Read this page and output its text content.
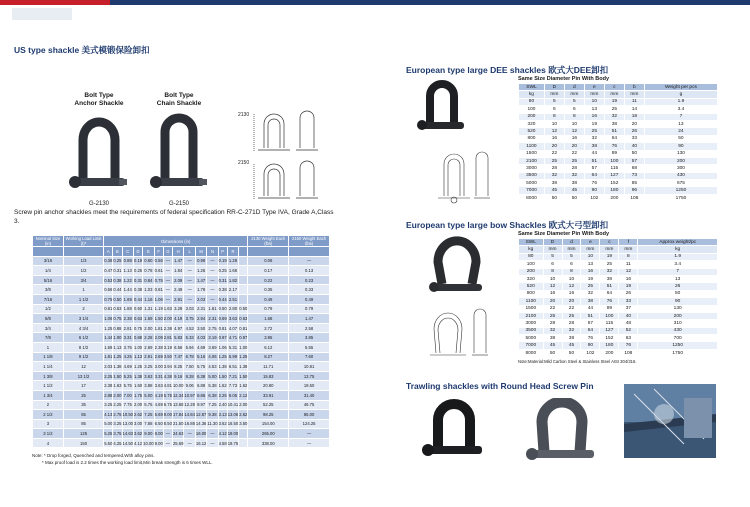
US type shackle 美式模锻保险卸扣
Bolt Type
Anchor Shackle
G-2130
Bolt Type
Chain Shackle
G-2150
2130
2150
Screw pin anchor shackles meet the requirements of federal specification RR-C-271D Type IVA, Grade A,Class 3.
Nominal Size (in)	Working Load Limit (t)*	Dimensions (in)														2130 Weight Each (lbs)	2150 Weight Each (lbs)
		A	B	C	D	E	F	G	H	L	M	N	P	R			
3/16	1/3	0.38	0.25	0.88	0.19	0.60	0.56	—	1.47	—	0.98	—	0.19	1.29		0.06	—
1/4	1/2	0.47	0.31	1.13	0.25	0.78	0.61	—	1.84	—	1.26	—	0.25	1.66		0.17	0.13
5/16	3/4	0.53	0.38	1.22	0.31	0.84	0.75	—	2.09	—	1.47	—	0.31	1.82		0.22	0.23
3/8	1	0.66	0.44	1.44	0.38	1.03	0.81	—	2.49	—	1.78	—	0.38	2.17		0.35	0.33
7/16	1 1/2	0.75	0.50	1.69	0.44	1.16	1.06	—	2.91	—	2.03	—	0.44	2.51		0.49	0.49
1/2	2	0.81	0.63	1.88	0.50	1.31	1.19	1.63	3.28	3.03	2.31	1.81	0.50	2.80	0.50	0.79	0.79
5/8	3 1/4	1.06	0.75	2.38	0.63	1.69	1.50	2.00	4.19	3.75	2.94	2.31	0.69	3.63	0.63	1.68	1.47
3/4	4 3/4	1.25	0.88	2.81	0.75	2.00	1.81	2.38	4.97	4.53	3.50	2.75	0.81	4.07	0.81	2.72	2.58
7/8	6 1/2	1.44	1.00	3.31	0.88	2.28	2.09	2.81	5.83	5.33	4.03	3.19	0.97	4.71	0.97	3.95	3.85
1	8 1/2	1.69	1.13	3.75	1.00	2.69	2.38	3.19	6.56	5.94	4.69	3.69	1.06	5.31	1.00	6.12	5.55
1 1/8	9 1/2	1.81	1.25	4.25	1.13	2.91	2.69	3.50	7.47	6.78	5.16	4.06	1.25	5.99	1.25	8.27	7.60
1 1/4	12	2.03	1.38	4.69	1.25	3.25	3.00	3.94	8.25	7.50	5.75	4.53	1.38	6.51	1.38	11.71	10.81
1 3/8	13 1/2	2.25	1.50	5.25	1.38	3.63	3.31	4.38	9.16	8.28	6.38	5.00	1.50	7.21	1.50	15.83	13.75
1 1/2	17	2.38	1.63	5.75	1.50	3.88	3.63	4.81	10.00	9.06	6.88	5.38	1.62	7.73	1.62	20.80	19.50
1 3/4	25	2.88	2.00	7.00	1.75	5.00	4.19	5.75	12.34	10.97	8.86	6.38	2.25	9.05	2.12	33.91	31.40
2	35	3.25	2.25	7.75	2.00	5.75	4.69	6.75	13.68	12.28	9.97	7.25	2.40	10.41	2.00	52.25	46.75
2 1/2	55	4.13	2.75	10.50	2.62	7.25	5.69	8.00	17.84	14.84	12.87	9.38	3.13	13.06	2.62	98.25	85.00
3	85	5.00	3.25	13.00	3.00	7.88	6.50	8.50	21.50	16.88	14.36	11.30	3.62	16.50	3.50	154.00	124.25
3 1/2	125	5.25	3.75	14.63	3.62	9.00	8.00	—	24.63	—	16.00	—	4.12	19.00		265.00	—
4	150	5.50	4.25	14.50	4.12	10.00	9.00	—	25.69	—	16.12	—	4.58	19.75		338.00	—
Note: * Drop forged, Quenched and tempered,With alloy pins.
* Max proof load is 2.2 times the working load limit,Min break strength is 6 times WLL.
European type large DEE shackles 欧式大DEE卸扣
Same Size Diameter Pin With Body
SWL	D	d	e	c	b	Weight per pcs
kg	mm	mm	mm	mm	mm	g
80	5	5	10	19	11	1.9
100	6	6	13	25	14	3.4
200	8	8	16	32	18	7
320	10	10	19	38	20	13
520	12	12	25	51	26	24
800	16	16	32	64	33	50
1100	20	20	38	76	40	90
1500	22	22	44	89	50	130
2100	25	25	51	100	57	200
3000	28	28	57	115	68	300
3500	32	32	64	127	73	430
5000	38	38	76	152	85	675
7000	45	45	90	180	96	1250
8000	50	50	102	200	108	1750
European type large bow Shackles 欧式大弓型卸扣
Same Size Diameter Pin With Body
SWL	D	d	e	c	f	Approx weight/pc
kg	mm	mm	mm	mm	mm	kg
80	5	5	10	19	8	1.9
100	6	6	13	25	11	3.4
200	8	8	16	32	12	7
320	10	10	19	38	16	13
520	12	12	25	51	19	26
800	16	16	32	64	26	50
1100	20	20	38	76	33	90
1500	22	22	44	89	37	130
2100	25	25	51	100	40	200
3000	28	28	57	115	48	310
3500	32	32	64	127	52	430
5000	38	38	76	152	63	700
7000	45	45	90	180	76	1250
8000	50	50	102	200	108	1750
Note:Material:Mild Carbon Steel & Stainless Steel AISI 304/316.
Trawling shackles with Round Head Screw Pin
